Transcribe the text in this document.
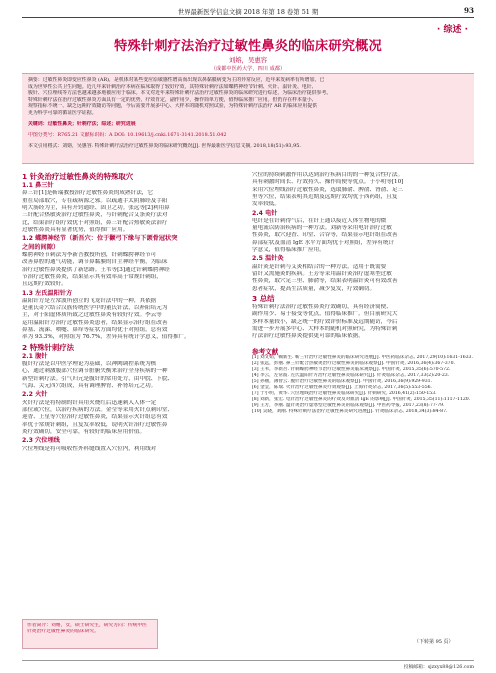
世界最新医学信息文摘 2018 年第 18 卷第 51 期	93
· 综述 ·
特殊针刺疗法治疗过敏性鼻炎的临床研究概况
刘嫆，吴惠容
（成都中医药大学，四川 成都）
摘要：过敏性鼻炎即变应性鼻炎 (AR)，是机体对某些变应原敏感性增高而出现以鼻黏膜病变为主的异常反应，近年来发病率有所增加，已
成为世界性公共卫生问题。近几年来针刺治疗本病在临床取得了较好疗效，其特殊针刺疗法如蝶腭神经节针刺、火针、温针灸、电针、
腹针、穴位埋线等方法也越来越多地被应用于临床。本文对近年来特殊针刺疗法治疗过敏性鼻炎的临床研究进行综述，为临床治疗提供参考。
特殊针刺疗法在治疗过敏性鼻炎方面具有一定的优势，疗效肯定，副作用少，操作简单方便，值得临床推广应用。但仍存在样本量小、
观察指标不统一、缺乏远期疗效随访等问题，今后需要开展多中心、大样本的随机对照试验，为特殊针刺疗法治疗 AR 的临床应用提供
更为科学可靠的循证医学证据。
关键词：过敏性鼻炎；针刺疗法；综述；研究进展
中图分类号：R765.21 文献标识码：A DOI: 10.19613/j.cnki.1671-3141.2018.51.042
本文引用格式：刘嫆，吴惠容. 特殊针刺疗法治疗过敏性鼻炎的临床研究概况[J]. 世界最新医学信息文摘, 2018,18(51):93,95.
1 针灸治疗过敏性鼻炎的特殊取穴
1.1 鼻三针
鼻三针[1]是靳瑞教授治疗过敏性鼻炎的成熟针法，它
重在局部取穴，专在疏病源之邪。以疏通手太阴肺经及手阳
明大肠经为主，具有开窍通经、固卫之功。张远等[2]利用鼻
三针配合热敏灸治疗过敏性鼻炎，与针刺配合艾条灸疗法对
比，结果治疗组疗效优于对照组，鼻三针配合热敏灸法治疗
过敏性鼻炎具有显著优势，值得推广应用。
1.2 蝶腭神经节（新吾穴：位于颧弓下缘与下颌骨冠状突
之间的间隙）
蝶腭神经节刺法为李新吾教授所创，针刺蝶腭神经节可
改善鼻腔的通气功能，调节鼻黏膜的自主神经平衡，为临床
治疗过敏性鼻炎提供了新思路。王苇等[3]通过针刺蝶腭神经
节治疗过敏性鼻炎，结果显示其有效率高于常规针刺组，
且远期疗效较好。
1.3 左氏温阳针方
温阳针方是左常波所创立的飞龙针法中的一种，其依据
是董氏奇穴结合汉族传统医学中的董氏针法，以补阳培元为
主，对于阳虚体质所致之过敏性鼻炎有较好疗效。李云等
运用温阳针方治疗过敏性鼻炎患者，结果显示治疗组在改善
鼻塞、流涕、喷嚏、鼻痒等症状方面均优于对照组，总有效
率为 93.3%，对照组为 76.7%，差异具有统计学意义，值得推广。
2 特殊针刺疗法
2.1 腹针
腹针疗法是以中医学理论为基础，以神阙调控系统为核
心，通过刺激腹部穴位调节脏腑失衡来治疗全身疾病的一种
新型针刺疗法。引气归元是腹针的常用处方，由中脘、下脘、
气海、关元四穴组成，具有调理脾胃、补肾培元之功。
2.2 火针
火针疗法是将特制的针具用火烧红后迅速刺入人体一定
部位或穴位，以治疗疾病的方法。金莹等采用火针点刺印堂、
迎香、上星等穴位治疗过敏性鼻炎，结果显示火针组总有效
率优于常规针刺组，且复发率较低，说明火针治疗过敏性鼻
炎疗效确切，安全可靠，有较好的临床应用价值。
2.3 穴位埋线
穴位埋线是将可吸收性外科缝线置入穴位内，利用线对
穴位的持续刺激作用以达到治疗疾病目的的一种复合性疗法。
具有刺激时间长、疗效持久、操作简便等优点。于小明等[10]
采用穴位埋线治疗过敏性鼻炎，选取肺俞、脾俞、肾俞、足三
里等穴位，结果表明其近期及远期疗效均优于西药组，且复
发率较低。
2.4 电针
电针是在针刺得气后，在针上通以接近人体生物电的微
量电流以防治疾病的一种方法。刘新等采用电针治疗过敏
性鼻炎，取穴迎香、印堂、合谷等，结果显示电针组在改善
鼻部症状及血清 IgE 水平方面均优于对照组，差异有统计
学意义，值得临床推广应用。
2.5 温针灸
温针灸是针刺与艾灸相结合的一种方法，适用于既需要
留针又需施灸的疾病。王芳等采用温针灸治疗虚寒型过敏
性鼻炎，取穴足三里、肺俞等，结果表明温针灸可有效改善
患者症状，提高生活质量，减少复发，疗效确切。
3 总结
特殊针刺疗法治疗过敏性鼻炎疗效确切，具有经济简便、
副作用少、易于接受等优点，值得临床推广。但目前研究大
多样本量较小，缺乏统一的疗效评价标准及远期随访，今后
需进一步开展多中心、大样本的随机对照研究，为特殊针刺
疗法治疗过敏性鼻炎提供更可靠的临床依据。
参考文献
[1] 刘文娟，赖新生. 靳三针治疗过敏性鼻炎的临床研究进展[J]. 中医药临床杂志, 2017,29(10):1631-1633.
[2] 张远，彭丽. 鼻三针配合热敏灸治疗过敏性鼻炎的临床观察[J]. 中国针灸, 2016,36(4):367-370.
[3] 王苇，李新吾. 针刺蝶腭神经节治疗过敏性鼻炎临床观察[J]. 中国针灸, 2015,35(6):570-572.
[4] 李云，左常波. 左氏温阳针方治疗过敏性鼻炎临床研究[J]. 针灸临床杂志, 2017,33(2):20-23.
[5] 孙丽，薄智云. 腹针治疗过敏性鼻炎的临床观察[J]. 中国针灸, 2016,36(9):929-931.
[6] 金莹，陈瑞. 火针治疗过敏性鼻炎疗效观察[J]. 上海针灸杂志, 2017,36(5):553-556.
[7] 于小明，黄华. 穴位埋线治疗过敏性鼻炎临床研究[J]. 针刺研究, 2016,41(2):150-153.
[8] 刘新，张宏. 电针治疗过敏性鼻炎的疗效及对血清 IgE 的影响[J]. 中国针灸, 2015,35(11):1117-1120.
[9] 王芳，李丽. 温针灸治疗虚寒型过敏性鼻炎的临床观察[J]. 中医药导报, 2017,23(8):77-79.
[10] 吴晓，刘刚. 特殊针刺疗法治疗过敏性鼻炎研究进展[J]. 针灸临床杂志, 2018,34(3):84-87.
作者简介：刘嫆，女，硕士研究生，研究方向：传统中医
针灸治疗过敏性鼻炎的临床研究。
（下转第 95 页）
投稿邮箱：sjzxyx88@126.com
